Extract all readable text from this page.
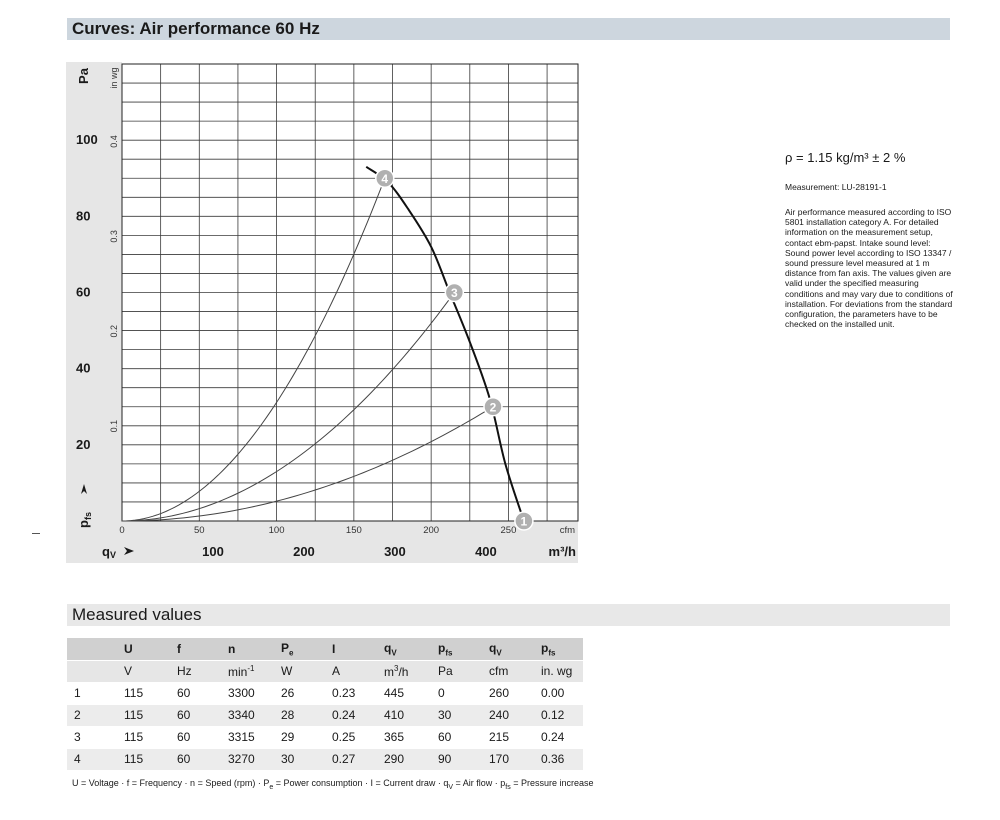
Curves: Air performance 60 Hz
20
40
60
80
100
0.1
0.2
0.3
0.4
Pa in wg
$p_{fs}$
0	50	100	150	200	250	cfm
100	200	300	400	m³/h
qV
1
2
3
4
ρ = 1.15 kg/m³ ± 2 %
Measurement: LU-28191-1

Air performance measured according to ISO 5801 installation category A. For detailed information on the measurement setup, contact ebm-papst. Intake sound level: Sound power level according to ISO 13347 / sound pressure level measured at 1 m distance from fan axis. The values given are valid under the specified measuring conditions and may vary due to conditions of installation. For deviations from the standard configuration, the parameters have to be checked on the installed unit.

Measured values
	U	f	n	$P_e$	I	$q_V$	$p_{fs}$	$q_V$	$p_{fs}$
	V	Hz	$\min^{-1}$	W	A	$m^3/h$	Pa	cfm	in. wg
1	115	60	3300	26	0.23	445	0	260	0.00
2	115	60	3340	28	0.24	410	30	240	0.12
3	115	60	3315	29	0.25	365	60	215	0.24
4	115	60	3270	30	0.27	290	90	170	0.36
U = Voltage · f = Frequency · n = Speed $(rpm) \cdot P_e$ = Power consumption · I = Current draw · $q_V$ = Air flow · $p_{fs}$ = Pressure increase
